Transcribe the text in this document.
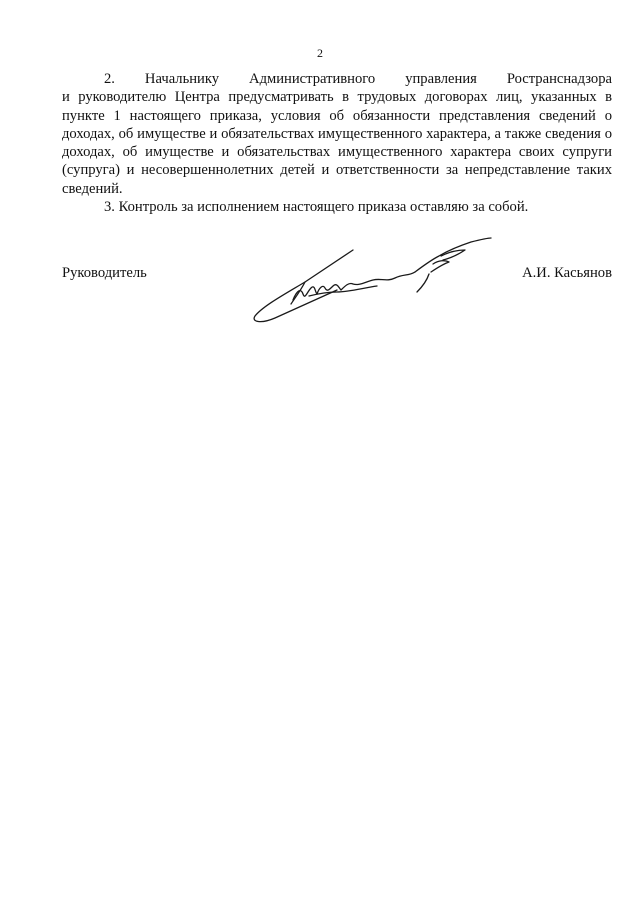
2

2. Начальнику Административного управления Ространснадзора
и руководителю Центра предусматривать в трудовых договорах лиц, указанных в пункте 1 настоящего приказа, условия об обязанности представления сведений о доходах, об имуществе и обязательствах имущественного характера, а также сведения о доходах, об имуществе и обязательствах имущественного характера своих супруги (супруга) и несовершеннолетних детей и ответственности за непредставление таких сведений.

3. Контроль за исполнением настоящего приказа оставляю за собой.

Руководитель	А.И. Касьянов
